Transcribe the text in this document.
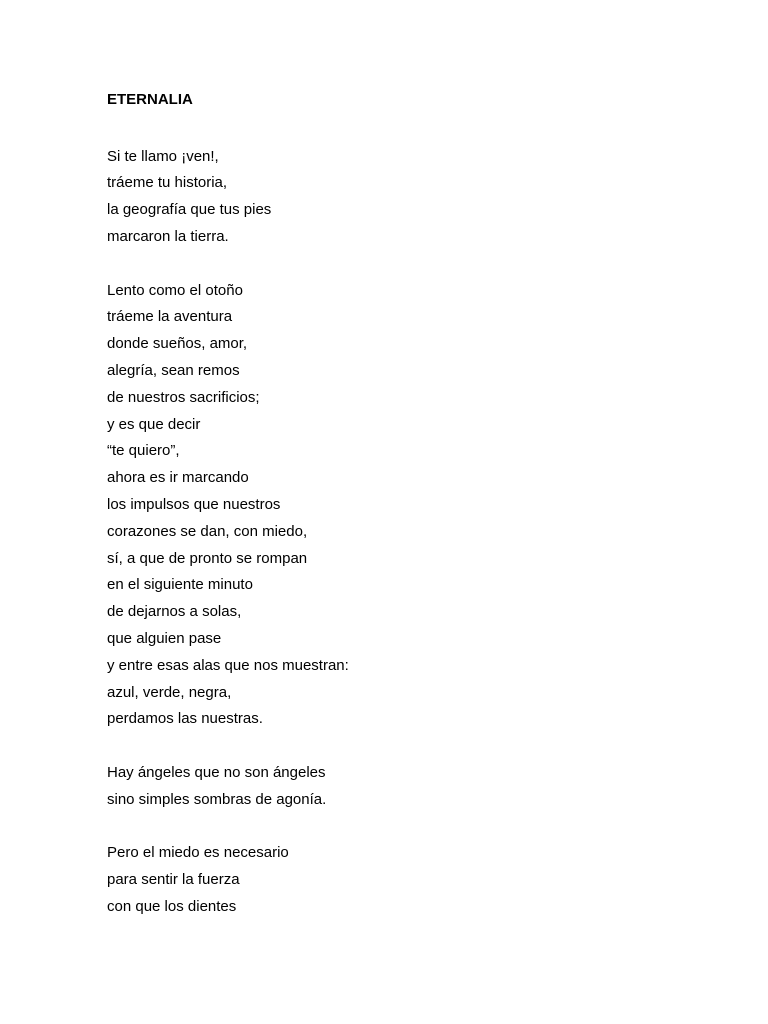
ETERNALIA
Si te llamo ¡ven!,
tráeme tu historia,
la geografía que tus pies
marcaron la tierra.
Lento como el otoño
tráeme la aventura
donde sueños, amor,
alegría, sean remos
de nuestros sacrificios;
y es que decir
“te quiero”,
ahora es ir marcando
los impulsos que nuestros
corazones se dan, con miedo,
sí, a que de pronto se rompan
en el siguiente minuto
de dejarnos a solas,
que alguien pase
y entre esas alas que nos muestran:
azul, verde, negra,
perdamos las nuestras.
Hay ángeles que no son ángeles
sino simples sombras de agonía.
Pero el miedo es necesario
para sentir la fuerza
con que los dientes
